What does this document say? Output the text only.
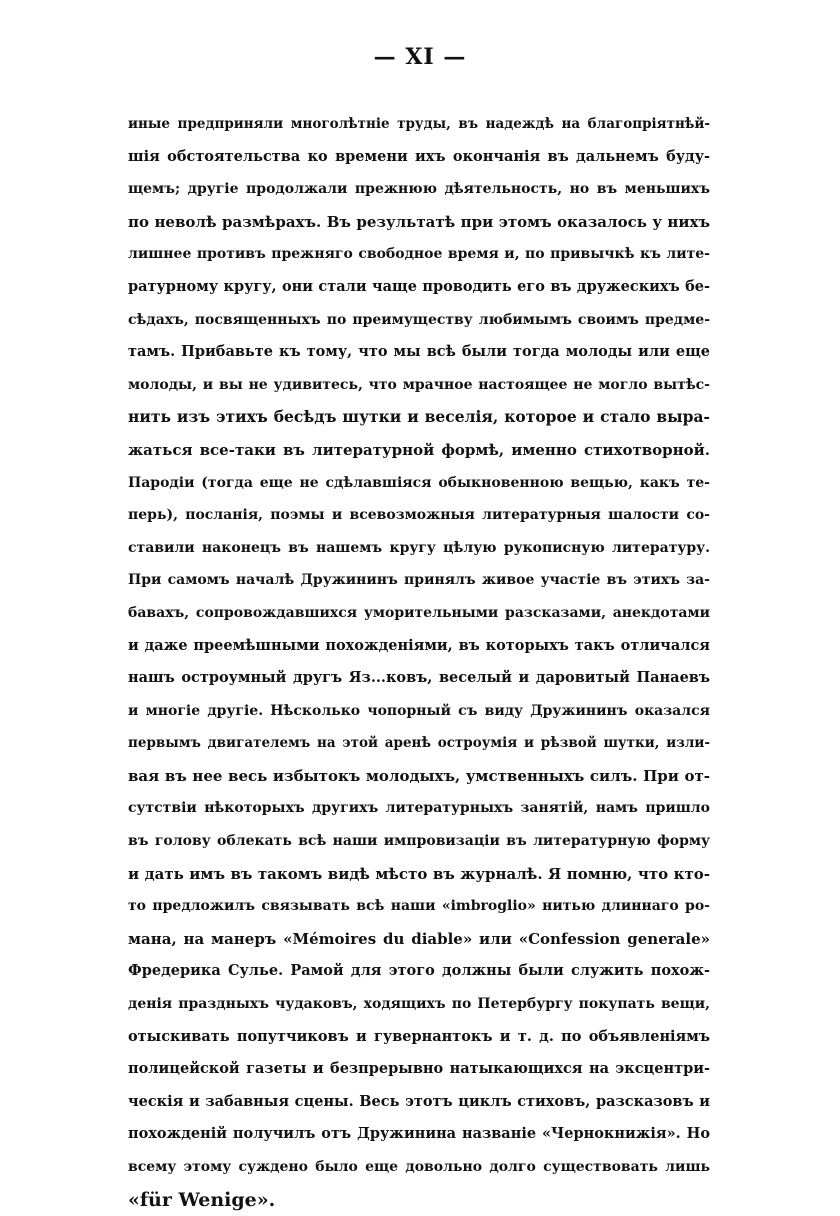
— XI —
иные предприняли многолѣтніе труды, въ надеждѣ на благопріятнѣй-
шія обстоятельства ко времени ихъ окончанія въ дальнемъ буду-
щемъ; другіе продолжали прежнюю дѣятельность, но въ меньшихъ
по неволѣ размѣрахъ. Въ результатѣ при этомъ оказалось у нихъ
лишнее противъ прежняго свободное время и, по привычкѣ къ лите-
ратурному кругу, они стали чаще проводить его въ дружескихъ бе-
сѣдахъ, посвященныхъ по преимуществу любимымъ своимъ предме-
тамъ. Прибавьте къ тому, что мы всѣ были тогда молоды или еще
молоды, и вы не удивитесь, что мрачное настоящее не могло вытѣс-
нить изъ этихъ бесѣдъ шутки и веселія, которое и стало выра-
жаться все-таки въ литературной формѣ, именно стихотворной.
Пародіи (тогда еще не сдѣлавшіяся обыкновенною вещью, какъ те-
перь), посланія, поэмы и всевозможныя литературныя шалости со-
ставили наконецъ въ нашемъ кругу цѣлую рукописную литературу.
При самомъ началѣ Дружининъ принялъ живое участіе въ этихъ за-
бавахъ, сопровождавшихся уморительными разсказами, анекдотами
и даже преемѣшными похожденіями, въ которыхъ такъ отличался
нашъ остроумный другъ Яз...ковъ, веселый и даровитый Панаевъ
и многіе другіе. Нѣсколько чопорный съ виду Дружининъ оказался
первымъ двигателемъ на этой аренѣ остроумія и рѣзвой шутки, изли-
вая въ нее весь избытокъ молодыхъ, умственныхъ силъ. При от-
сутствіи нѣкоторыхъ другихъ литературныхъ занятій, намъ пришло
въ голову облекать всѣ наши импровизаціи въ литературную форму
и дать имъ въ такомъ видѣ мѣсто въ журналѣ. Я помню, что кто-
то предложилъ связывать всѣ наши «imbroglio» нитью длиннаго ро-
мана, на манеръ «Mémoires du diable» или «Confession generale»
Фредерика Сулье. Рамой для этого должны были служить похож-
денія праздныхъ чудаковъ, ходящихъ по Петербургу покупать вещи,
отыскивать попутчиковъ и гувернантокъ и т. д. по объявленіямъ
полицейской газеты и безпрерывно натыкающихся на эксцентри-
ческія и забавныя сцены. Весь этотъ циклъ стиховъ, разсказовъ и
похожденій получилъ отъ Дружинина названіе «Чернокнижія». Но
всему этому суждено было еще довольно долго существовать лишь
«für Wenige».
